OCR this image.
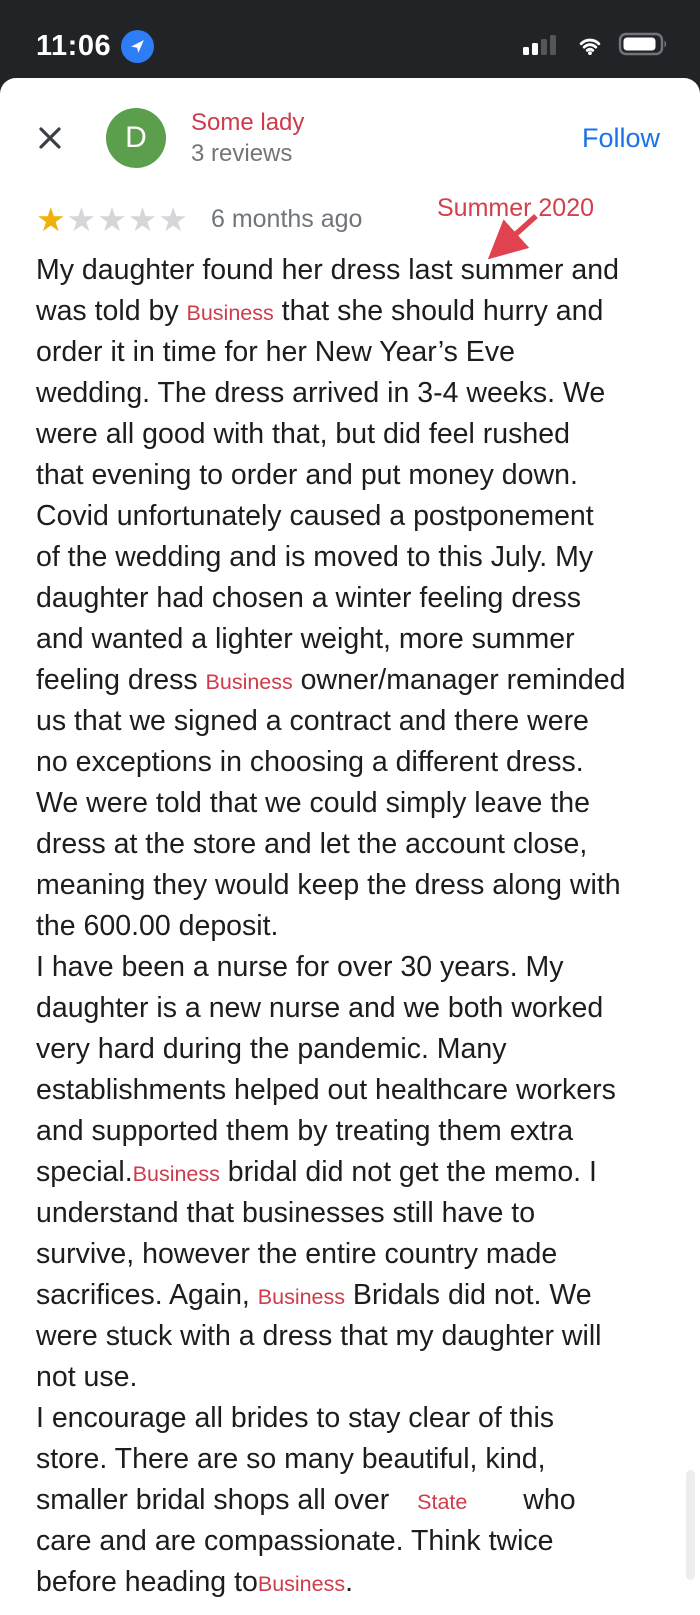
11:06
D	Some lady
3 reviews
Follow
★ ★ ★ ★ ★ 6 months ago	Summer 2020
My daughter found her dress last summer and
was told by Business that she should hurry and
order it in time for her New Year’s Eve
wedding. The dress arrived in 3-4 weeks. We
were all good with that, but did feel rushed
that evening to order and put money down.
Covid unfortunately caused a postponement
of the wedding and is moved to this July. My
daughter had chosen a winter feeling dress
and wanted a lighter weight, more summer
feeling dress Business owner/manager reminded
us that we signed a contract and there were
no exceptions in choosing a different dress.
We were told that we could simply leave the
dress at the store and let the account close,
meaning they would keep the dress along with
the 600.00 deposit.
I have been a nurse for over 30 years. My
daughter is a new nurse and we both worked
very hard during the pandemic. Many
establishments helped out healthcare workers
and supported them by treating them extra
special.Business bridal did not get the memo. I
understand that businesses still have to
survive, however the entire country made
sacrifices. Again, Business Bridals did not. We
were stuck with a dress that my daughter will
not use.
I encourage all brides to stay clear of this
store. There are so many beautiful, kind,
smaller bridal shops all over State who
care and are compassionate. Think twice
before heading toBusiness.
